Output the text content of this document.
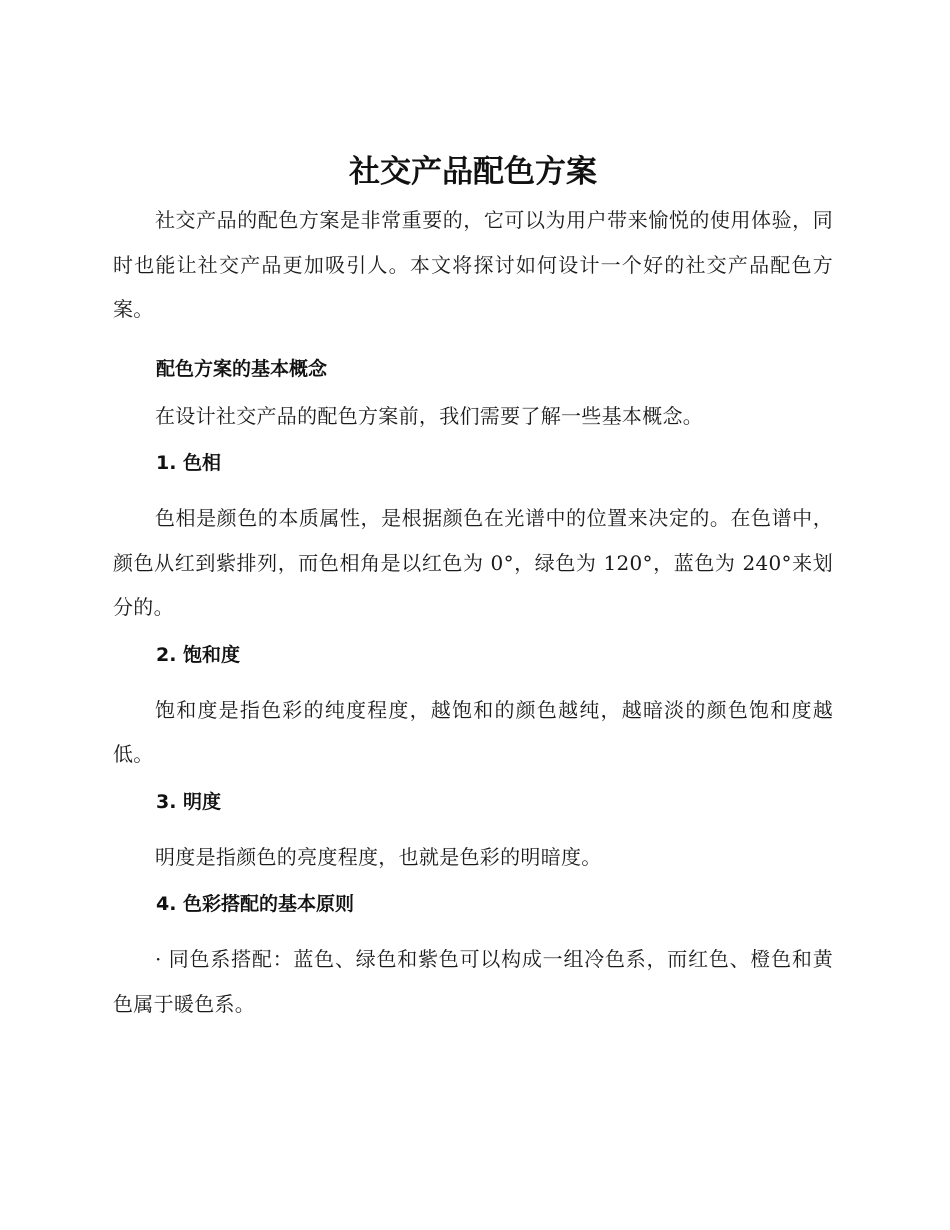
社交产品配色方案

社交产品的配色方案是非常重要的，它可以为用户带来愉悦的使用体验，同时也能让社交产品更加吸引人。本文将探讨如何设计一个好的社交产品配色方案。

配色方案的基本概念

在设计社交产品的配色方案前，我们需要了解一些基本概念。

1. 色相

色相是颜色的本质属性，是根据颜色在光谱中的位置来决定的。在色谱中，颜色从红到紫排列，而色相角是以红色为 0°，绿色为 120°，蓝色为 240°来划分的。

2. 饱和度

饱和度是指色彩的纯度程度，越饱和的颜色越纯，越暗淡的颜色饱和度越低。

3. 明度

明度是指颜色的亮度程度，也就是色彩的明暗度。

4. 色彩搭配的基本原则

· 同色系搭配：蓝色、绿色和紫色可以构成一组冷色系，而红色、橙色和黄色属于暖色系。
